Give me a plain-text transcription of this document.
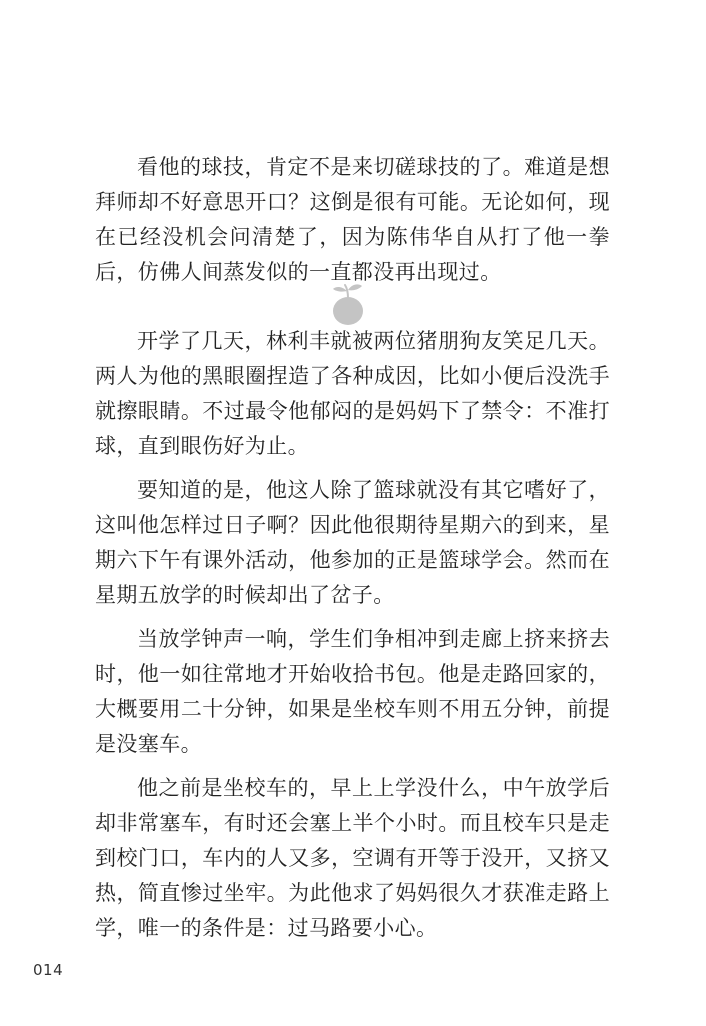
看他的球技，肯定不是来切磋球技的了。难道是想拜师却不好意思开口？这倒是很有可能。无论如何，现在已经没机会问清楚了，因为陈伟华自从打了他一拳后，仿佛人间蒸发似的一直都没再出现过。

开学了几天，林利丰就被两位猪朋狗友笑足几天。两人为他的黑眼圈捏造了各种成因，比如小便后没洗手就擦眼睛。不过最令他郁闷的是妈妈下了禁令：不准打球，直到眼伤好为止。

要知道的是，他这人除了篮球就没有其它嗜好了，这叫他怎样过日子啊？因此他很期待星期六的到来，星期六下午有课外活动，他参加的正是篮球学会。然而在星期五放学的时候却出了岔子。

当放学钟声一响，学生们争相冲到走廊上挤来挤去时，他一如往常地才开始收拾书包。他是走路回家的，大概要用二十分钟，如果是坐校车则不用五分钟，前提是没塞车。

他之前是坐校车的，早上上学没什么，中午放学后却非常塞车，有时还会塞上半个小时。而且校车只是走到校门口，车内的人又多，空调有开等于没开，又挤又热，简直惨过坐牢。为此他求了妈妈很久才获准走路上学，唯一的条件是：过马路要小心。

014
